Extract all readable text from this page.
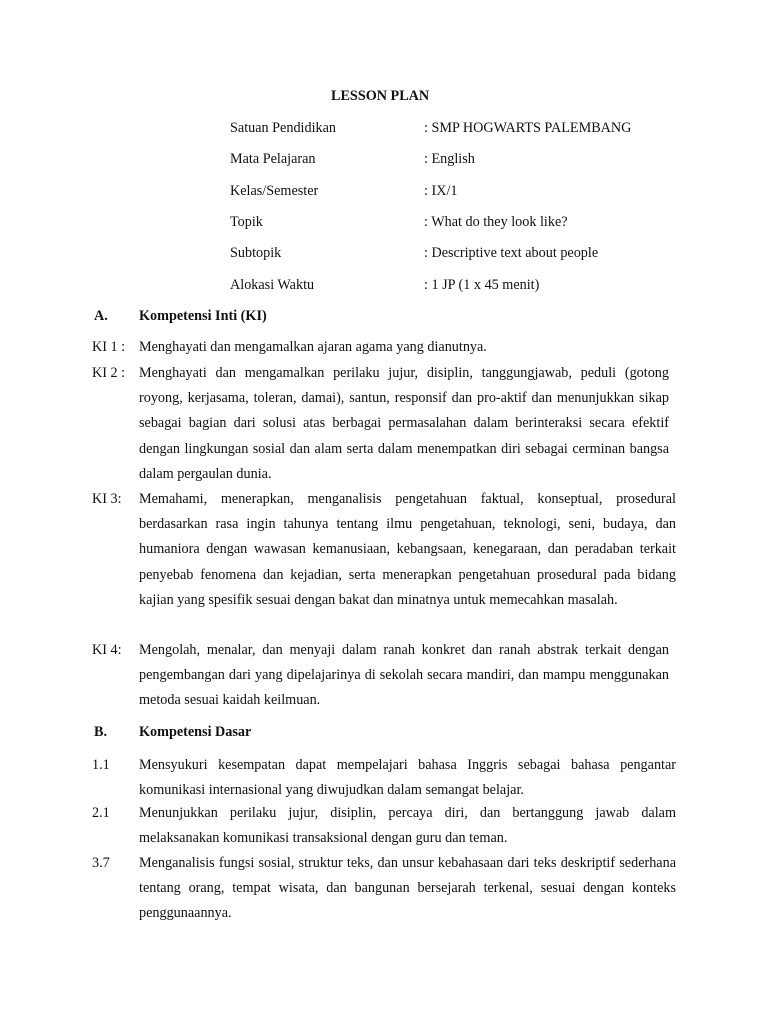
LESSON PLAN
Satuan Pendidikan	: SMP HOGWARTS PALEMBANG
Mata Pelajaran	: English
Kelas/Semester	: IX/1
Topik	: What do they look like?
Subtopik	: Descriptive text about people
Alokasi Waktu	: 1 JP (1 x 45 menit)
A. Kompetensi Inti (KI)
KI 1 : Menghayati dan mengamalkan ajaran agama yang dianutnya.
KI 2 : Menghayati dan mengamalkan perilaku jujur, disiplin, tanggungjawab, peduli (gotong royong, kerjasama, toleran, damai), santun, responsif dan pro-aktif dan menunjukkan sikap sebagai bagian dari solusi atas berbagai permasalahan dalam berinteraksi secara efektif dengan lingkungan sosial dan alam serta dalam menempatkan diri sebagai cerminan bangsa dalam pergaulan dunia.
KI 3: Memahami, menerapkan, menganalisis pengetahuan faktual, konseptual, prosedural berdasarkan rasa ingin tahunya tentang ilmu pengetahuan, teknologi, seni, budaya, dan humaniora dengan wawasan kemanusiaan, kebangsaan, kenegaraan, dan peradaban terkait penyebab fenomena dan kejadian, serta menerapkan pengetahuan prosedural pada bidang kajian yang spesifik sesuai dengan bakat dan minatnya untuk memecahkan masalah.
KI 4: Mengolah, menalar, dan menyaji dalam ranah konkret dan ranah abstrak terkait dengan pengembangan dari yang dipelajarinya di sekolah secara mandiri, dan mampu menggunakan metoda sesuai kaidah keilmuan.
B. Kompetensi Dasar
1.1 Mensyukuri kesempatan dapat mempelajari bahasa Inggris sebagai bahasa pengantar komunikasi internasional yang diwujudkan dalam semangat belajar.
2.1 Menunjukkan perilaku jujur, disiplin, percaya diri, dan bertanggung jawab dalam melaksanakan komunikasi transaksional dengan guru dan teman.
3.7 Menganalisis fungsi sosial, struktur teks, dan unsur kebahasaan dari teks deskriptif sederhana tentang orang, tempat wisata, dan bangunan bersejarah terkenal, sesuai dengan konteks penggunaannya.
